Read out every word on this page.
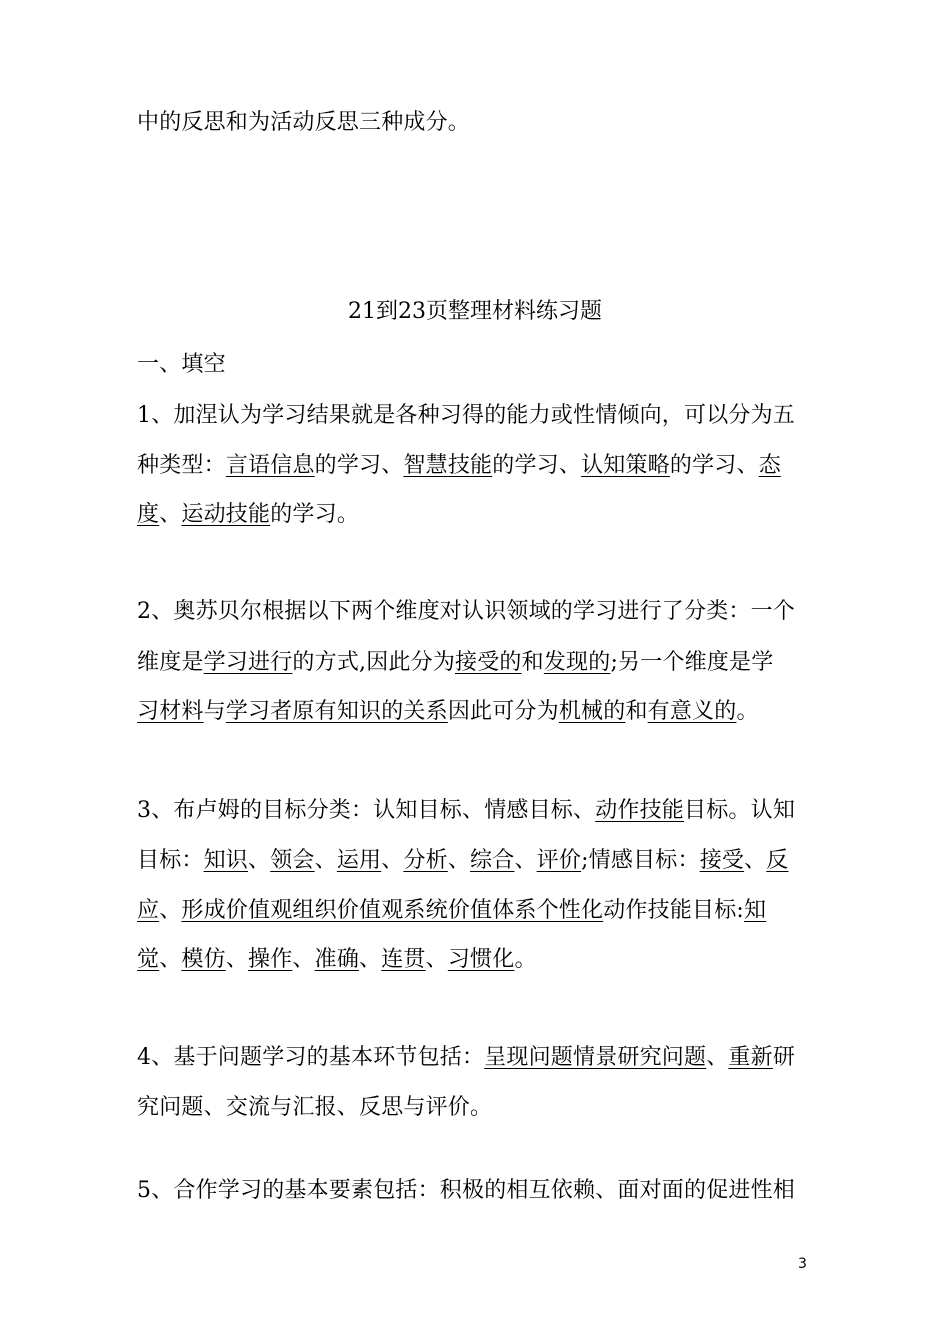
中的反思和为活动反思三种成分。

21到23页整理材料练习题

一、填空

1、加涅认为学习结果就是各种习得的能力或性情倾向，可以分为五

种类型：言语信息的学习、智慧技能的学习、认知策略的学习、态

度、运动技能的学习。

2、奥苏贝尔根据以下两个维度对认识领域的学习进行了分类：一个

维度是学习进行的方式,因此分为接受的和发现的;另一个维度是学

习材料与学习者原有知识的关系因此可分为机械的和有意义的。

3、布卢姆的目标分类：认知目标、情感目标、动作技能目标。认知

目标：知识、领会、运用、分析、综合、评价;情感目标：接受、反

应、形成价值观组织价值观系统价值体系个性化动作技能目标:知

觉、模仿、操作、准确、连贯、习惯化。

4、基于问题学习的基本环节包括：呈现问题情景研究问题、重新研

究问题、交流与汇报、反思与评价。

5、合作学习的基本要素包括：积极的相互依赖、面对面的促进性相

3
